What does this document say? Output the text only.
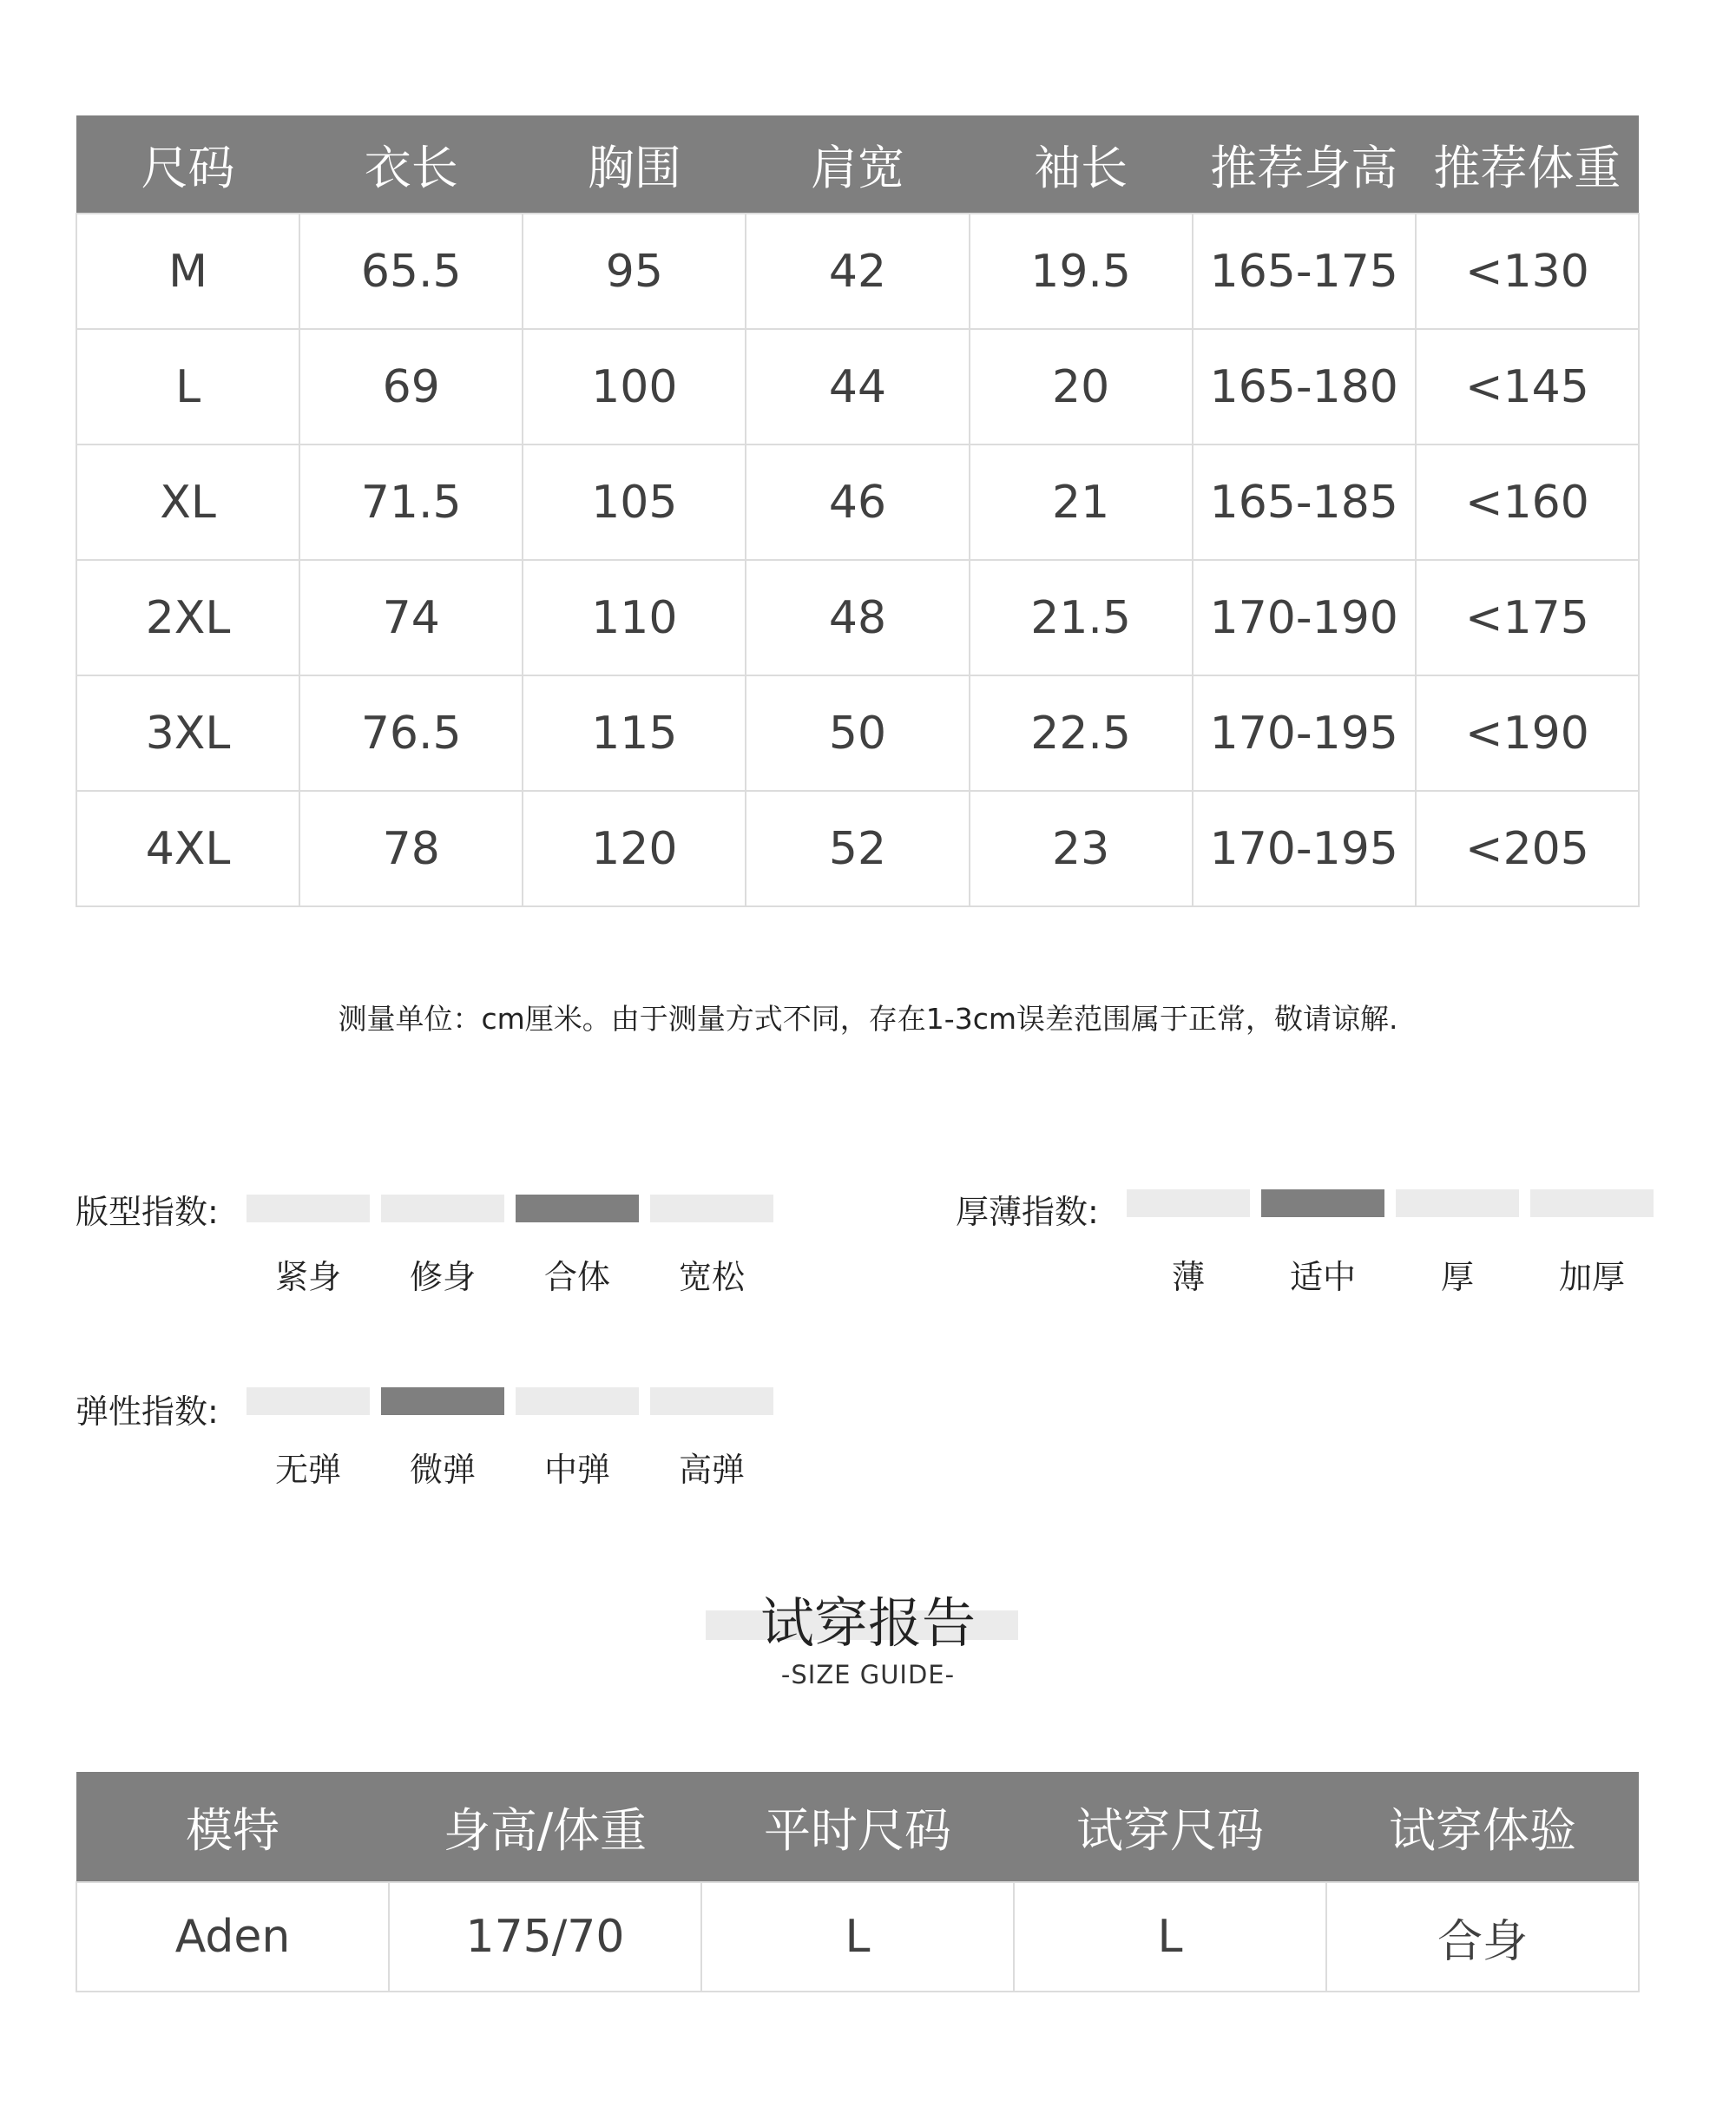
尺码	衣长	胸围	肩宽	袖长	推荐身高	推荐体重
M	65.5	95	42	19.5	165-175	<130
L	69	100	44	20	165-180	<145
XL	71.5	105	46	21	165-185	<160
2XL	74	110	48	21.5	170-190	<175
3XL	76.5	115	50	22.5	170-195	<190
4XL	78	120	52	23	170-195	<205
测量单位：cm厘米。由于测量方式不同，存在1-3cm误差范围属于正常，敬请谅解.
版型指数:
紧身	修身	合体	宽松
厚薄指数:
薄	适中	厚	加厚
弹性指数:
无弹	微弹	中弹	高弹
试穿报告
-SIZE GUIDE-
模特	身高/体重	平时尺码	试穿尺码	试穿体验
Aden	175/70	L	L	合身
